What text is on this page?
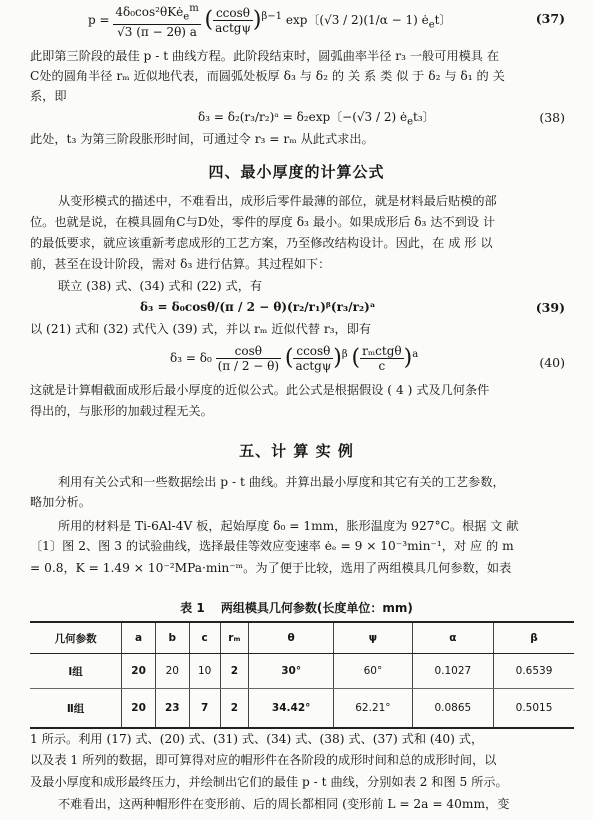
$p = \frac{4\delta_0\cos^2\theta Kė_e^m}{√3 (\pi - 2\theta) a}$ ( $\frac{ccos\theta}{\text{actgψ}} )^{\beta-1}$ exp〔(√3 / 2)(1/α − 1) $ė_et$〕	(37)
此即第三阶段的最佳 p - t 曲线方程。此阶段结束时，圆弧曲率半径 r₃ 一般可用模具 在
C处的圆角半径 rₘ 近似地代表，而圆弧处板厚 δ₃ 与 δ₂ 的 关 系 类 似 于 δ₂ 与 δ₁ 的 关
系，即
δ₃ = δ₂(r₃/r₂)ᵃ = δ₂exp〔−(√3 / 2) $ė_et_3$〕	(38)
此处，t₃ 为第三阶段胀形时间，可通过令 r₃ = rₘ 从此式求出。
四、最小厚度的计算公式
从变形模式的描述中，不难看出，成形后零件最薄的部位，就是材料最后贴模的部
位。也就是说，在模具圆角C与D处，零件的厚度 δ₃ 最小。如果成形后 δ₃ 达不到设 计
的最低要求，就应该重新考虑成形的工艺方案，乃至修改结构设计。因此，在 成 形 以
前，甚至在设计阶段，需对 δ₃ 进行估算。其过程如下：
联立 (38) 式、(34) 式和 (22) 式，有
δ₃ = δ₀cosθ/(π / 2 − θ)(r₂/r₁)ᵝ(r₃/r₂)ᵃ	(39)
以 (21) 式和 (32) 式代入 (39) 式，并以 rₘ 近似代替 r₃，即有
$\delta_3 = \delta_0 \frac{\cos\theta}{(\pi / 2 - \theta)}$ ( $\frac{ccos\theta}{\text{actgψ}} )^\beta$ ( $\frac{\text{rₘctgθ}}{c} )^a$
(40)
这就是计算帽截面成形后最小厚度的近似公式。此公式是根据假设 ( 4 ) 式及几何条件
得出的，与胀形的加载过程无关。
五、计 算 实 例
利用有关公式和一些数据绘出 p - t 曲线。并算出最小厚度和其它有关的工艺参数，
略加分析。
所用的材料是 Ti-6Al-4V 板，起始厚度 δ₀ = 1mm，胀形温度为 927°C。根据 文 献
〔1〕图 2、图 3 的试验曲线，选择最佳等效应变速率 ėₑ = 9 × 10⁻³min⁻¹，对 应 的 m
= 0.8，K = 1.49 × 10⁻²MPa·min⁻ᵐ。为了便于比较，选用了两组模具几何参数，如表
表 1 两组模具几何参数(长度单位：mm)
几何参数	a	b	c	rₘ	θ	ψ	α	β
Ⅰ组	20	20	10	2	30°	60°	0.1027	0.6539
Ⅱ组	20	23	7	2	34.42°	62.21°	0.0865	0.5015
1 所示。利用 (17) 式、(20) 式、(31) 式、(34) 式、(38) 式、(37) 式和 (40) 式，
以及表 1 所列的数据，即可算得对应的帽形件在各阶段的成形时间和总的成形时间，以
及最小厚度和成形最终压力，并绘制出它们的最佳 p - t 曲线，分别如表 2 和图 5 所示。
不难看出，这两种帽形件在变形前、后的周长都相同 (变形前 L = 2a = 40mm，变
